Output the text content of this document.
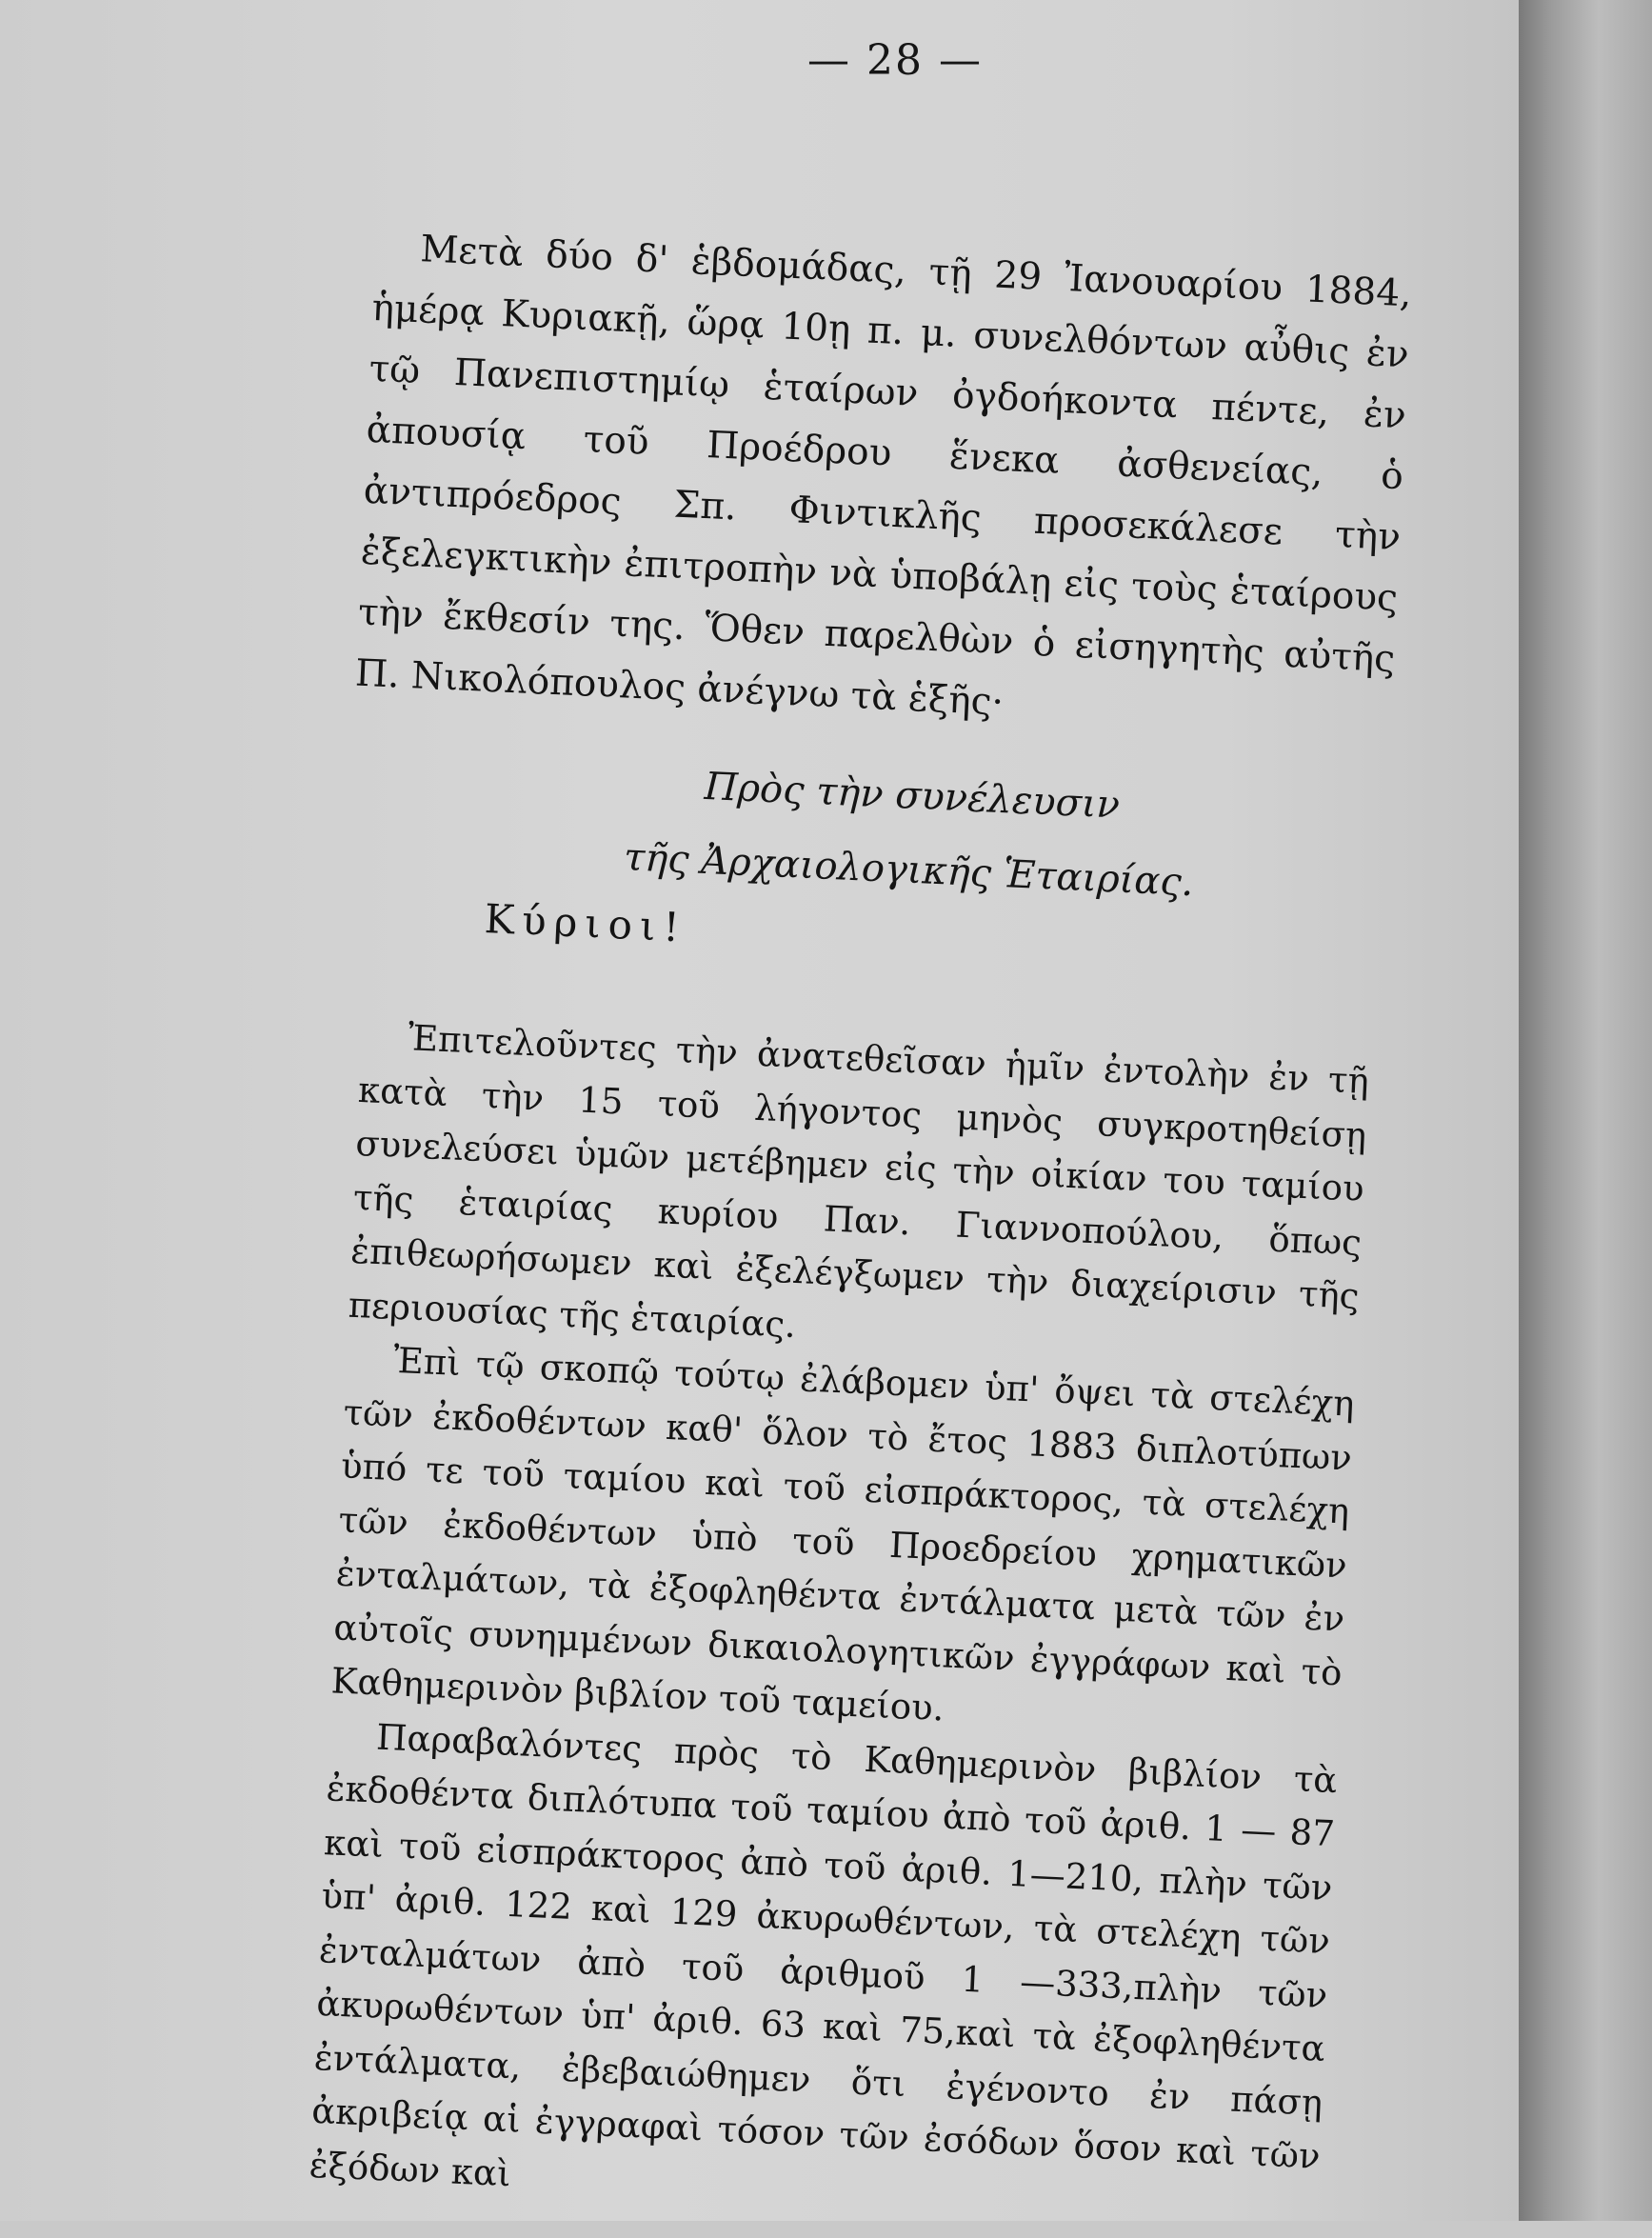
— 28 —

Μετὰ δύο δ' ἑβδομάδας, τῇ 29 Ἰανουαρίου 1884, ἡμέρᾳ Κυριακῇ, ὥρᾳ 10ῃ π. μ. συνελθόντων αὖθις ἐν τῷ Πανεπιστημίῳ ἑταίρων ὀγδοήκοντα πέντε, ἐν ἀπουσίᾳ τοῦ Προέδρου ἕνεκα ἀσθενείας, ὁ ἀντιπρόεδρος Σπ. Φιντικλῆς προσεκάλεσε τὴν ἐξελεγκτικὴν ἐπιτροπὴν νὰ ὑποβάλῃ εἰς τοὺς ἑταίρους τὴν ἔκθεσίν της. Ὅθεν παρελθὼν ὁ εἰσηγητὴς αὐτῆς Π. Νικολόπουλος ἀνέγνω τὰ ἑξῆς·

Πρὸς τὴν συνέλευσιν

τῆς Ἀρχαιολογικῆς Ἑταιρίας.

Κύριοι!

Ἐπιτελοῦντες τὴν ἀνατεθεῖσαν ἡμῖν ἐντολὴν ἐν τῇ κατὰ τὴν 15 τοῦ λήγοντος μηνὸς συγκροτηθείσῃ συνελεύσει ὑμῶν μετέβημεν εἰς τὴν οἰκίαν του ταμίου τῆς ἑταιρίας κυρίου Παν. Γιαννοπούλου, ὅπως ἐπιθεωρήσωμεν καὶ ἐξελέγξωμεν τὴν διαχείρισιν τῆς περιουσίας τῆς ἑταιρίας.

Ἐπὶ τῷ σκοπῷ τούτῳ ἐλάβομεν ὑπ' ὄψει τὰ στελέχη τῶν ἐκδοθέντων καθ' ὅλον τὸ ἔτος 1883 διπλοτύπων ὑπό τε τοῦ ταμίου καὶ τοῦ εἰσπράκτορος, τὰ στελέχη τῶν ἐκδοθέντων ὑπὸ τοῦ Προεδρείου χρηματικῶν ἐνταλμάτων, τὰ ἐξοφληθέντα ἐντάλματα μετὰ τῶν ἐν αὐτοῖς συνημμένων δικαιολογητικῶν ἐγγράφων καὶ τὸ Καθημερινὸν βιβλίον τοῦ ταμείου.

Παραβαλόντες πρὸς τὸ Καθημερινὸν βιβλίον τὰ ἐκδοθέντα διπλότυπα τοῦ ταμίου ἀπὸ τοῦ ἀριθ. 1 — 87 καὶ τοῦ εἰσπράκτορος ἀπὸ τοῦ ἀριθ. 1—210, πλὴν τῶν ὑπ' ἀριθ. 122 καὶ 129 ἀκυρωθέντων, τὰ στελέχη τῶν ἐνταλμάτων ἀπὸ τοῦ ἀριθμοῦ 1 —333,πλὴν τῶν ἀκυρωθέντων ὑπ' ἀριθ. 63 καὶ 75,καὶ τὰ ἐξοφληθέντα ἐντάλματα, ἐβεβαιώθημεν ὅτι ἐγένοντο ἐν πάσῃ ἀκριβείᾳ αἱ ἐγγραφαὶ τόσον τῶν ἐσόδων ὅσον καὶ τῶν ἐξόδων καὶ
